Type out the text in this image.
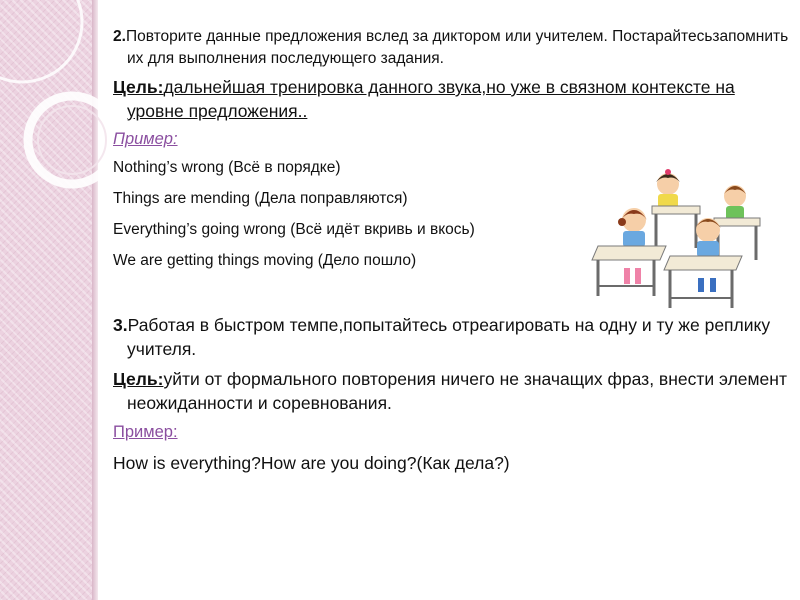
2.Повторите данные предложения вслед за диктором или учителем. Постарайтесьзапомнить их для выполнения последующего задания.
Цель:дальнейшая тренировка данного звука,но уже в связном контексте на уровне предложения..
Пример:
Nothing’s wrong (Всё в порядке)
Things are mending (Дела поправляются)
Everything’s going wrong (Всё идёт вкривь и вкось)
We are getting things moving (Дело пошло)
3.Работая в быстром темпе,попытайтесь отреагировать на одну и ту же реплику учителя.
Цель:уйти от формального повторения ничего не значащих фраз, внести элемент неожиданности и соревнования.
Пример:
How is everything?How are you doing?(Как дела?)
